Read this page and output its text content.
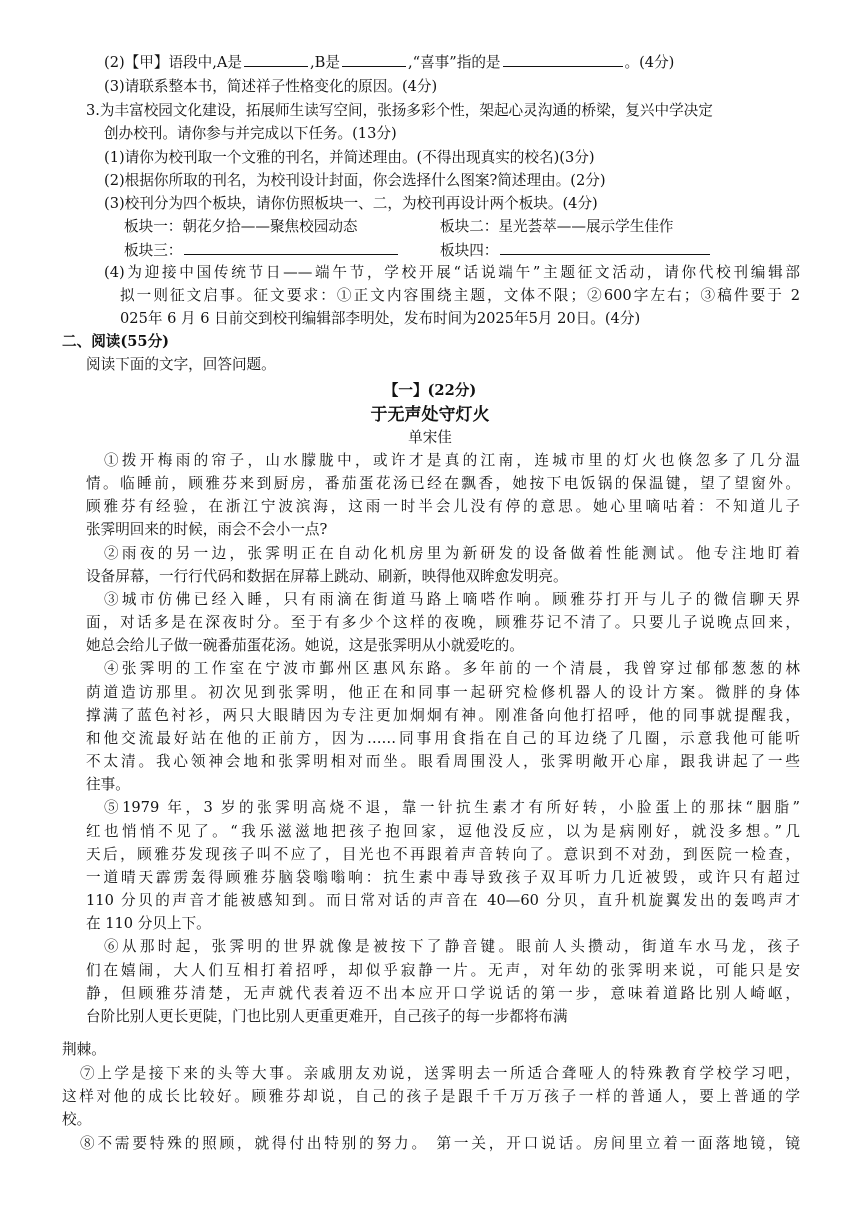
(2)【甲】语段中,A是	,B是	,“喜事”指的是	。(4分)
(3)请联系整本书，简述祥子性格变化的原因。(4分)
3.为丰富校园文化建设，拓展师生读写空间，张扬多彩个性，架起心灵沟通的桥梁，复兴中学决定
创办校刊。请你参与并完成以下任务。(13分)
(1)请你为校刊取一个文雅的刊名，并简述理由。(不得出现真实的校名)(3分)
(2)根据你所取的刊名，为校刊设计封面，你会选择什么图案?简述理由。(2分)
(3)校刊分为四个板块，请你仿照板块一、二，为校刊再设计两个板块。(4分)
板块一：朝花夕拾——聚焦校园动态	板块二：星光荟萃——展示学生佳作
板块三：	板块四：
(4)为迎接中国传统节日——端午节，学校开展“话说端午”主题征文活动，请你代校刊编辑部
拟一则征文启事。征文要求：①正文内容围绕主题，文体不限；②600字左右；③稿件要于 2
025年 6 月 6 日前交到校刊编辑部李明处，发布时间为2025年5月 20日。(4分)
二、阅读(55分)
阅读下面的文字，回答问题。
【一】(22分)
于无声处守灯火
单宋佳
①拨开梅雨的帘子，山水朦胧中，或许才是真的江南，连城市里的灯火也倏忽多了几分温
情。临睡前，顾雅芬来到厨房，番茄蛋花汤已经在飘香，她按下电饭锅的保温键，望了望窗外。
顾雅芬有经验，在浙江宁波滨海，这雨一时半会儿没有停的意思。她心里嘀咕着：不知道儿子
张霁明回来的时候，雨会不会小一点?
②雨夜的另一边，张霁明正在自动化机房里为新研发的设备做着性能测试。他专注地盯着
设备屏幕，一行行代码和数据在屏幕上跳动、刷新，映得他双眸愈发明亮。
③城市仿佛已经入睡，只有雨滴在街道马路上嘀嗒作响。顾雅芬打开与儿子的微信聊天界
面，对话多是在深夜时分。至于有多少个这样的夜晚，顾雅芬记不清了。只要儿子说晚点回来，
她总会给儿子做一碗番茄蛋花汤。她说，这是张霁明从小就爱吃的。
④张霁明的工作室在宁波市鄞州区惠风东路。多年前的一个清晨，我曾穿过郁郁葱葱的林
荫道造访那里。初次见到张霁明，他正在和同事一起研究检修机器人的设计方案。微胖的身体
撑满了蓝色衬衫，两只大眼睛因为专注更加炯炯有神。刚准备向他打招呼，他的同事就提醒我，
和他交流最好站在他的正前方，因为……同事用食指在自己的耳边绕了几圈，示意我他可能听
不太清。我心领神会地和张霁明相对而坐。眼看周围没人，张霁明敞开心扉，跟我讲起了一些
往事。
⑤1979 年，3 岁的张霁明高烧不退，靠一针抗生素才有所好转，小脸蛋上的那抹“胭脂”
红也悄悄不见了。“我乐滋滋地把孩子抱回家，逗他没反应，以为是病刚好，就没多想。”几
天后，顾雅芬发现孩子叫不应了，目光也不再跟着声音转向了。意识到不对劲，到医院一检查，
一道晴天霹雳轰得顾雅芬脑袋嗡嗡响：抗生素中毒导致孩子双耳听力几近被毁，或许只有超过
110 分贝的声音才能被感知到。而日常对话的声音在 40—60 分贝，直升机旋翼发出的轰鸣声才
在 110 分贝上下。
⑥从那时起，张霁明的世界就像是被按下了静音键。眼前人头攒动，街道车水马龙，孩子
们在嬉闹，大人们互相打着招呼，却似乎寂静一片。无声，对年幼的张霁明来说，可能只是安
静，但顾雅芬清楚，无声就代表着迈不出本应开口学说话的第一步，意味着道路比别人崎岖，
台阶比别人更长更陡，门也比别人更重更难开，自己孩子的每一步都将布满
荆棘。
⑦上学是接下来的头等大事。亲戚朋友劝说，送霁明去一所适合聋哑人的特殊教育学校学习吧，
这样对他的成长比较好。顾雅芬却说，自己的孩子是跟千千万万孩子一样的普通人，要上普通的学
校。
⑧不需要特殊的照顾，就得付出特别的努力。 第一关，开口说话。房间里立着一面落地镜，镜
